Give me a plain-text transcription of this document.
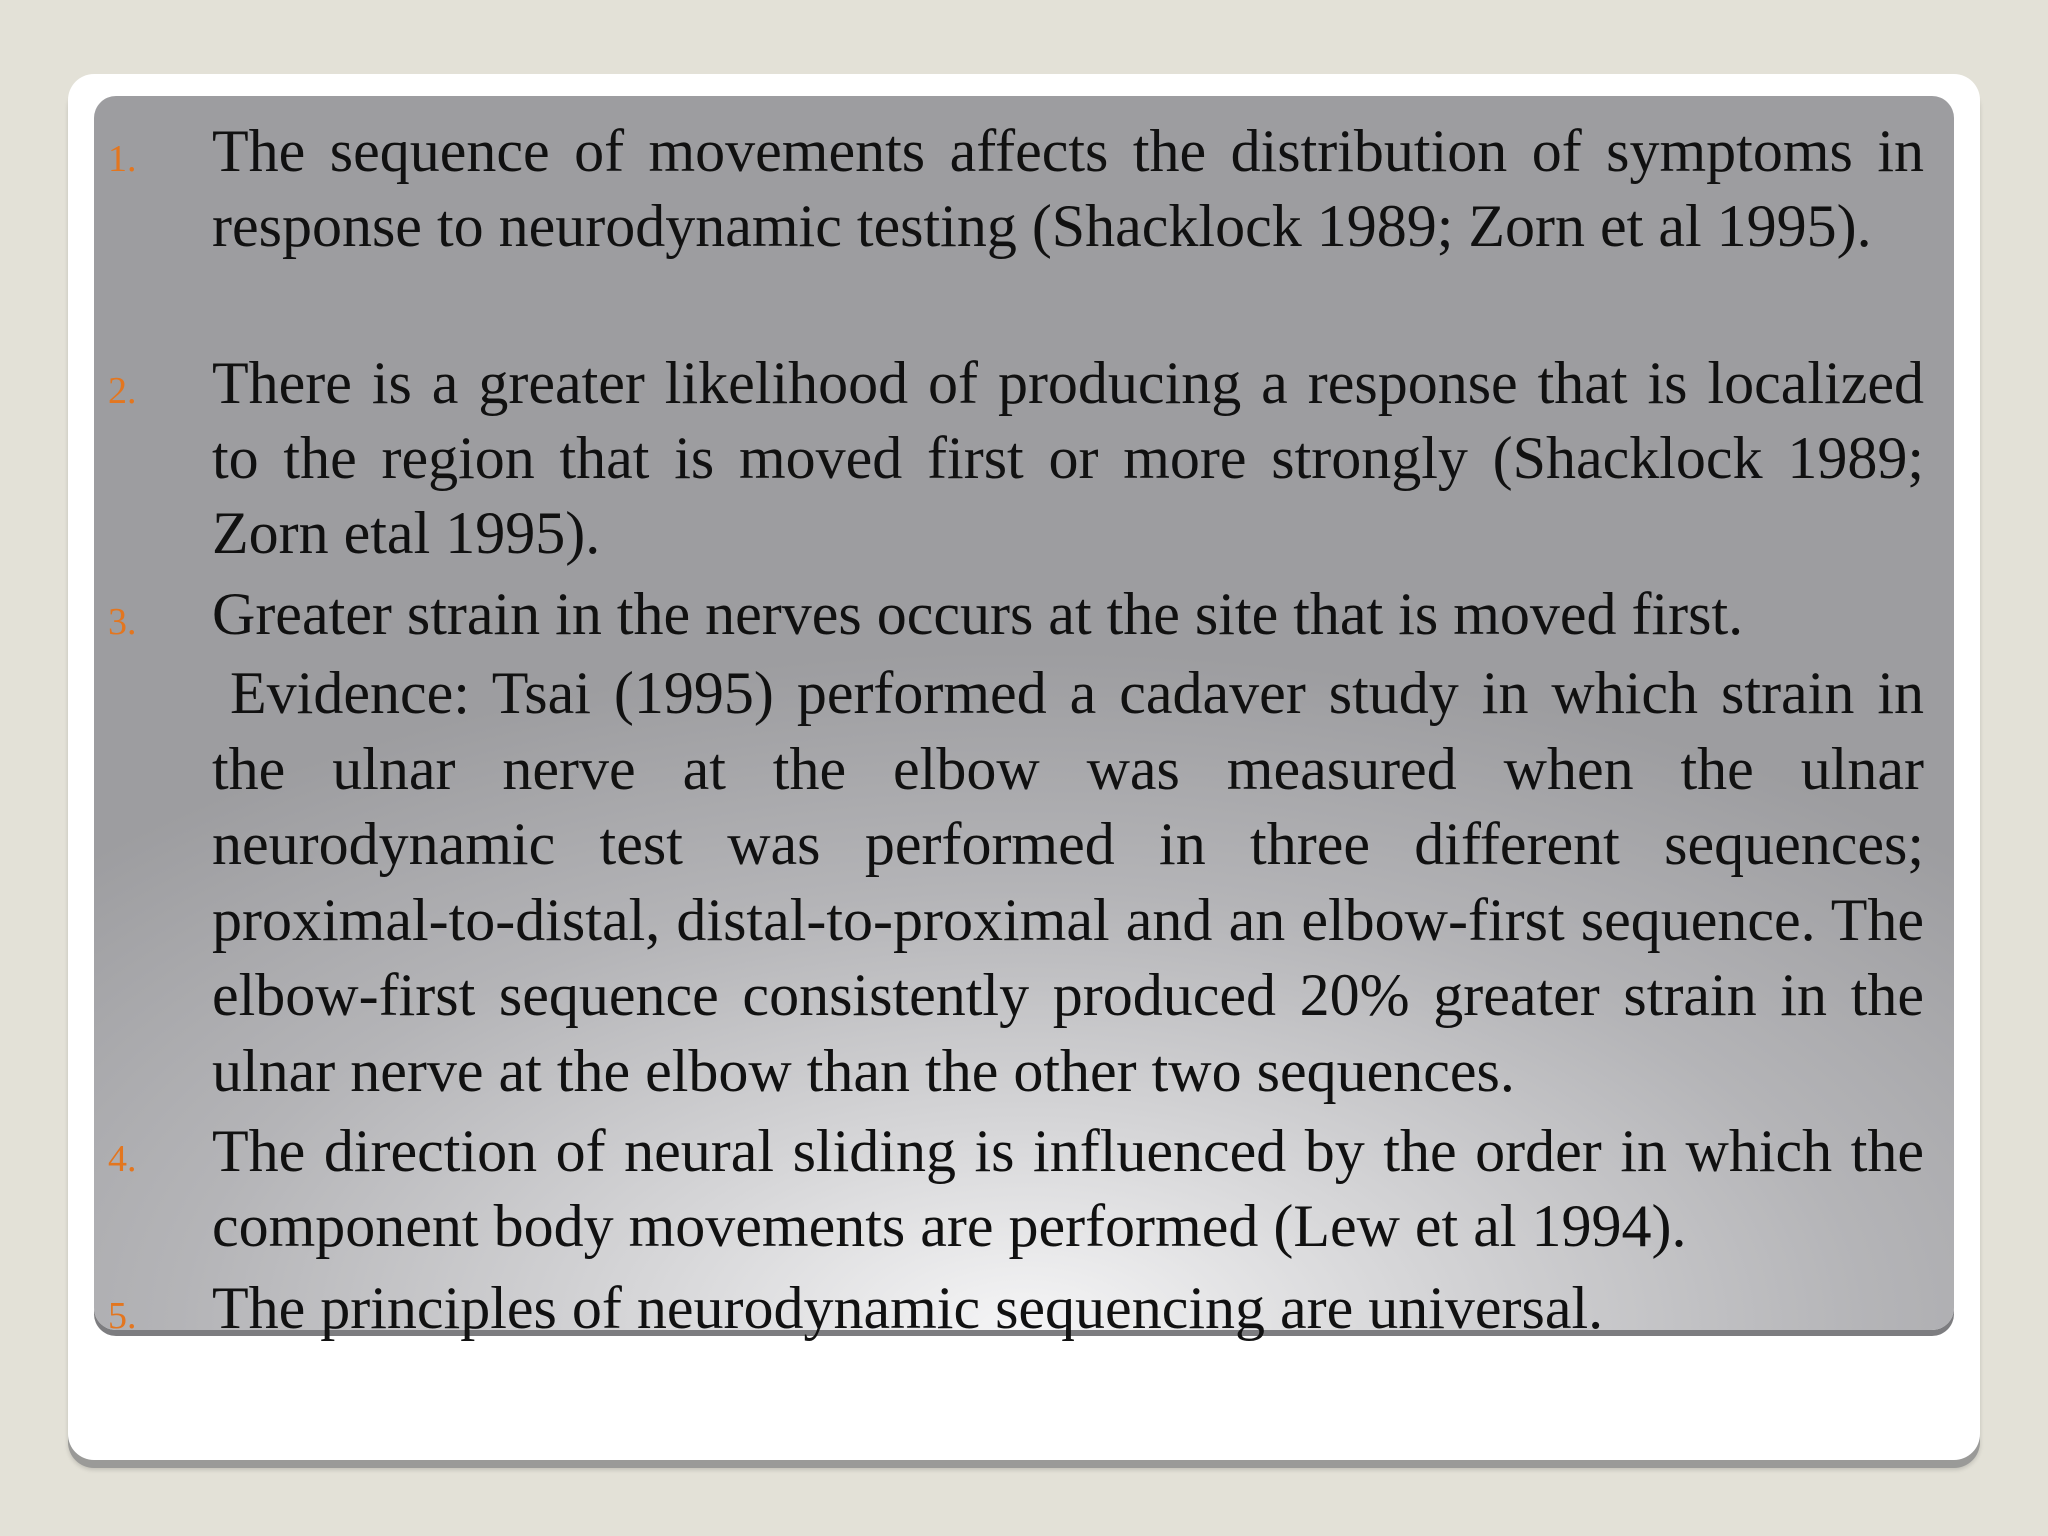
1. The sequence of movements affects the distribution of symptoms in response to neurodynamic testing (Shacklock 1989; Zorn et al 1995).
2. There is a greater likelihood of producing a response that is localized to the region that is moved first or more strongly (Shacklock 1989; Zorn etal 1995).
3. Greater strain in the nerves occurs at the site that is moved first.
Evidence: Tsai (1995) performed a cadaver study in which strain in the ulnar nerve at the elbow was measured when the ulnar neurodynamic test was performed in three different sequences; proximal-to-distal, distal-to-proximal and an elbow-first sequence. The elbow-first sequence consistently produced 20% greater strain in the ulnar nerve at the elbow than the other two sequences.
4. The direction of neural sliding is influenced by the order in which the component body movements are performed (Lew et al 1994).
5. The principles of neurodynamic sequencing are universal.
